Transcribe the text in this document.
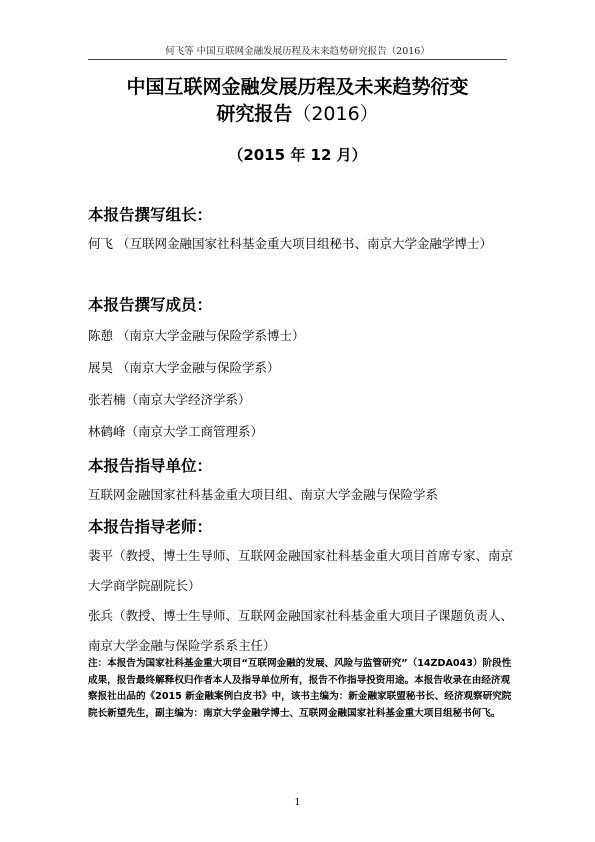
何飞等 中国互联网金融发展历程及未来趋势研究报告（2016）
中国互联网金融发展历程及未来趋势衍变
研究报告（2016）
（2015 年 12 月）
本报告撰写组长：
何飞 （互联网金融国家社科基金重大项目组秘书、南京大学金融学博士）
本报告撰写成员：
陈憩 （南京大学金融与保险学系博士）
展昊 （南京大学金融与保险学系）
张若楠（南京大学经济学系）
林鹤峰（南京大学工商管理系）
本报告指导单位：
互联网金融国家社科基金重大项目组、南京大学金融与保险学系
本报告指导老师：
裴平（教授、博士生导师、互联网金融国家社科基金重大项目首席专家、南京大学商学院副院长）
张兵（教授、博士生导师、互联网金融国家社科基金重大项目子课题负责人、南京大学金融与保险学系系主任）
注：本报告为国家社科基金重大项目“互联网金融的发展、风险与监管研究”（14ZDA043）阶段性成果，报告最终解释权归作者本人及指导单位所有，报告不作指导投资用途。本报告收录在由经济观察报社出品的《2015 新金融案例白皮书》中，该书主编为：新金融家联盟秘书长、经济观察研究院院长新望先生，副主编为：南京大学金融学博士、互联网金融国家社科基金重大项目组秘书何飞。
1
